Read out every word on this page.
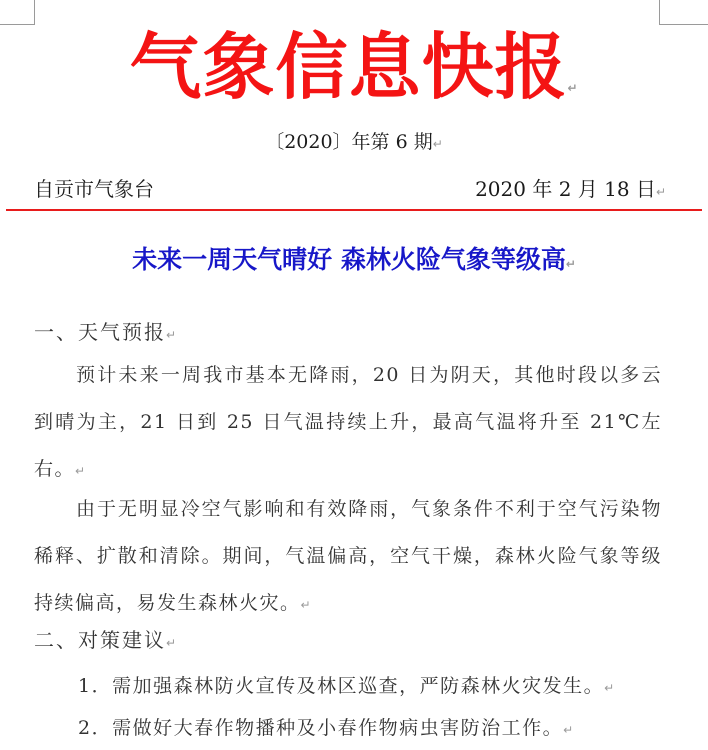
气象信息快报↵
〔2020〕年第 6 期↵
自贡市气象台	2020 年 2 月 18 日↵
未来一周天气晴好 森林火险气象等级高↵
一、天气预报↵
预计未来一周我市基本无降雨，20 日为阴天，其他时段以多云到晴为主，21 日到 25 日气温持续上升，最高气温将升至 21℃左右。↵
由于无明显冷空气影响和有效降雨，气象条件不利于空气污染物稀释、扩散和清除。期间，气温偏高，空气干燥，森林火险气象等级持续偏高，易发生森林火灾。↵
二、对策建议↵
1．需加强森林防火宣传及林区巡查，严防森林火灾发生。↵
2．需做好大春作物播种及小春作物病虫害防治工作。↵
